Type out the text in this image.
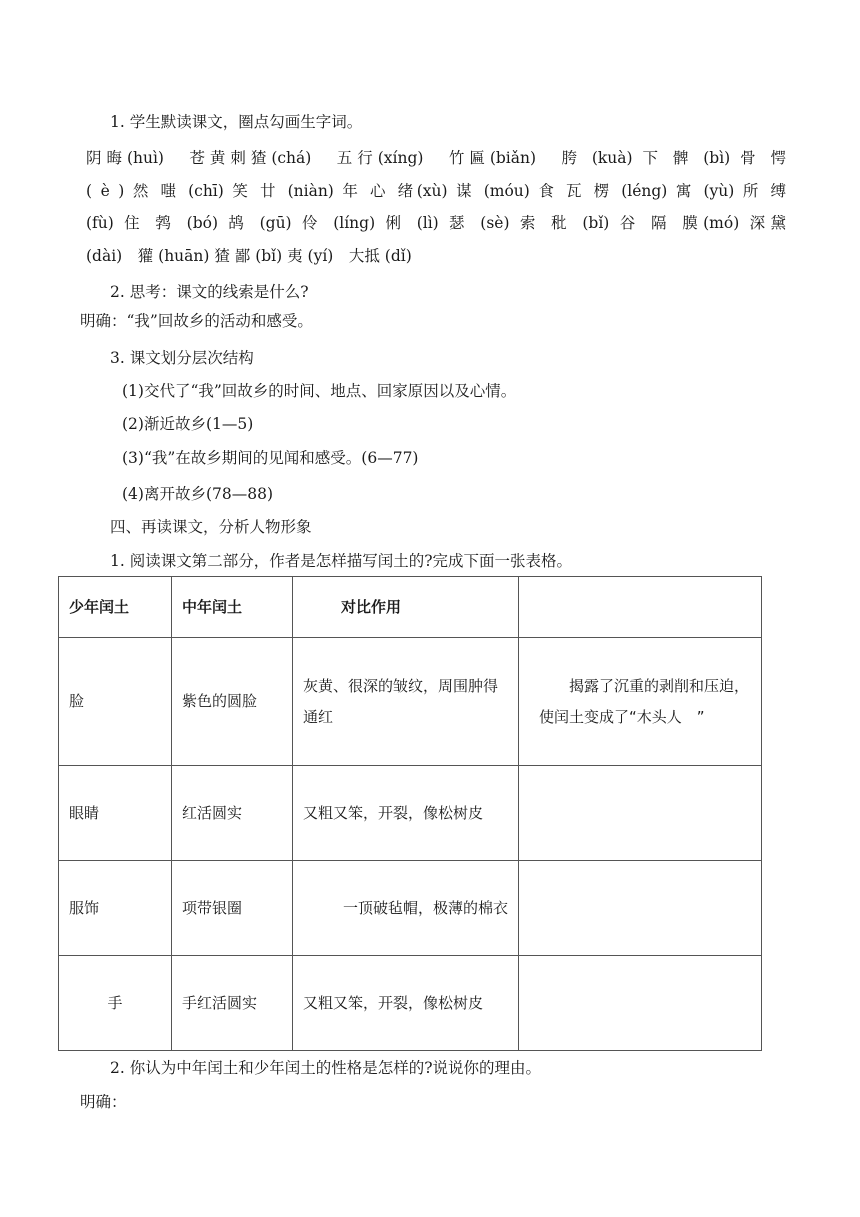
1. 学生默读课文，圈点勾画生字词。
阴晦(huì)　苍黄刺猹(chá)　五行(xíng)　竹匾(biǎn)　胯 (kuà) 下 髀 (bì) 骨 愕
( è ) 然 嗤 (chī) 笑 廿 (niàn) 年 心 绪(xù) 谋 (móu) 食 瓦 楞 (léng) 寓 (yù) 所 缚
(fù) 住 鹁 (bó) 鸪 (gū) 伶 (líng) 俐 (lì) 瑟 (sè) 索 秕 (bǐ) 谷 隔 膜(mó) 深黛
(dài)　獾 (huān) 猹 鄙 (bǐ) 夷 (yí)　大抵 (dǐ)
2. 思考：课文的线索是什么?
明确：“我”回故乡的活动和感受。
3. 课文划分层次结构
(1)交代了“我”回故乡的时间、地点、回家原因以及心情。
(2)渐近故乡(1—5)
(3)“我”在故乡期间的见闻和感受。(6—77)
(4)离开故乡(78—88)
四、再读课文，分析人物形象
1. 阅读课文第二部分，作者是怎样描写闰土的?完成下面一张表格。
少年闰土	中年闰土	对比作用	
脸	紫色的圆脸	灰黄、很深的皱纹，周围肿得通红	揭露了沉重的剥削和压迫，使闰土变成了“木头人　”
眼睛	红活圆实	又粗又笨，开裂，像松树皮	
服饰	项带银圈	一顶破毡帽，极薄的棉衣	
手	手红活圆实	又粗又笨，开裂，像松树皮	
2. 你认为中年闰土和少年闰土的性格是怎样的?说说你的理由。
明确：
